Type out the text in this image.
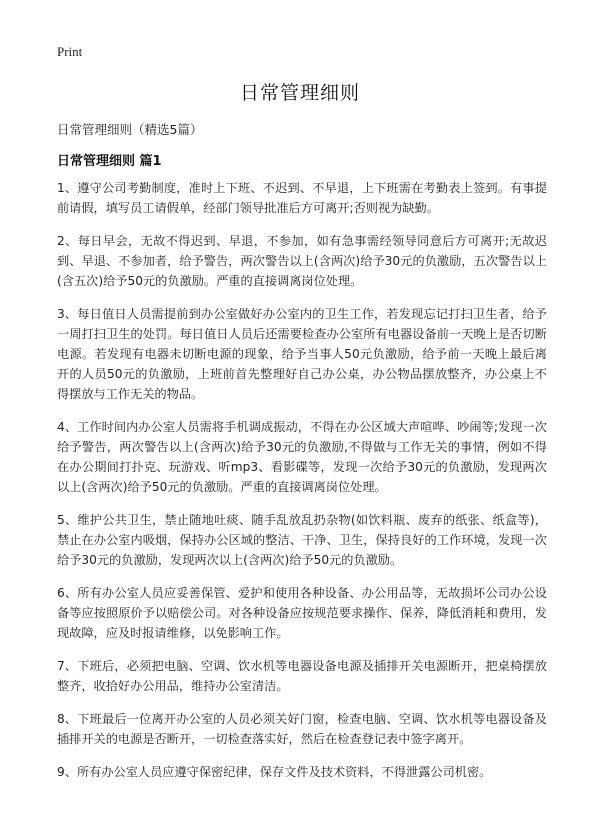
Print
日常管理细则

日常管理细则（精选5篇）

日常管理细则 篇1

1、遵守公司考勤制度，准时上下班、不迟到、不早退，上下班需在考勤表上签到。有事提前请假，填写员工请假单，经部门领导批准后方可离开;否则视为缺勤。

2、每日早会，无故不得迟到、早退，不参加，如有急事需经领导同意后方可离开;无故迟到、早退、不参加者，给予警告，两次警告以上(含两次)给予30元的负激励，五次警告以上(含五次)给予50元的负激励。严重的直接调离岗位处理。

3、每日值日人员需提前到办公室做好办公室内的卫生工作，若发现忘记打扫卫生者，给予一周打扫卫生的处罚。每日值日人员后还需要检查办公室所有电器设备前一天晚上是否切断电源。若发现有电器未切断电源的现象，给予当事人50元负激励，给予前一天晚上最后离开的人员50元的负激励，上班前首先整理好自己办公桌，办公物品摆放整齐，办公桌上不得摆放与工作无关的物品。

4、工作时间内办公室人员需将手机调成振动，不得在办公区域大声喧哗、吵闹等;发现一次给予警告，两次警告以上(含两次)给予30元的负激励,不得做与工作无关的事情，例如不得在办公期间打扑克、玩游戏、听mp3、看影碟等，发现一次给予30元的负激励，发现两次以上(含两次)给予50元的负激励。严重的直接调离岗位处理。

5、维护公共卫生，禁止随地吐痰、随手乱放乱扔杂物(如饮料瓶、废弃的纸张、纸盒等)，禁止在办公室内吸烟，保持办公区域的整洁、干净、卫生，保持良好的工作环境，发现一次给予30元的负激励，发现两次以上(含两次)给予50元的负激励。

6、所有办公室人员应妥善保管、爱护和使用各种设备、办公用品等，无故损坏公司办公设备等应按照原价予以赔偿公司。对各种设备应按规范要求操作、保养，降低消耗和费用，发现故障，应及时报请维修，以免影响工作。

7、下班后，必须把电脑、空调、饮水机等电器设备电源及插排开关电源断开，把桌椅摆放整齐，收拾好办公用品，维持办公室清洁。

8、下班最后一位离开办公室的人员必须关好门窗，检查电脑、空调、饮水机等电器设备及插排开关的电源是否断开，一切检查落实好，然后在检查登记表中签字离开。

9、所有办公室人员应遵守保密纪律，保存文件及技术资料，不得泄露公司机密。
